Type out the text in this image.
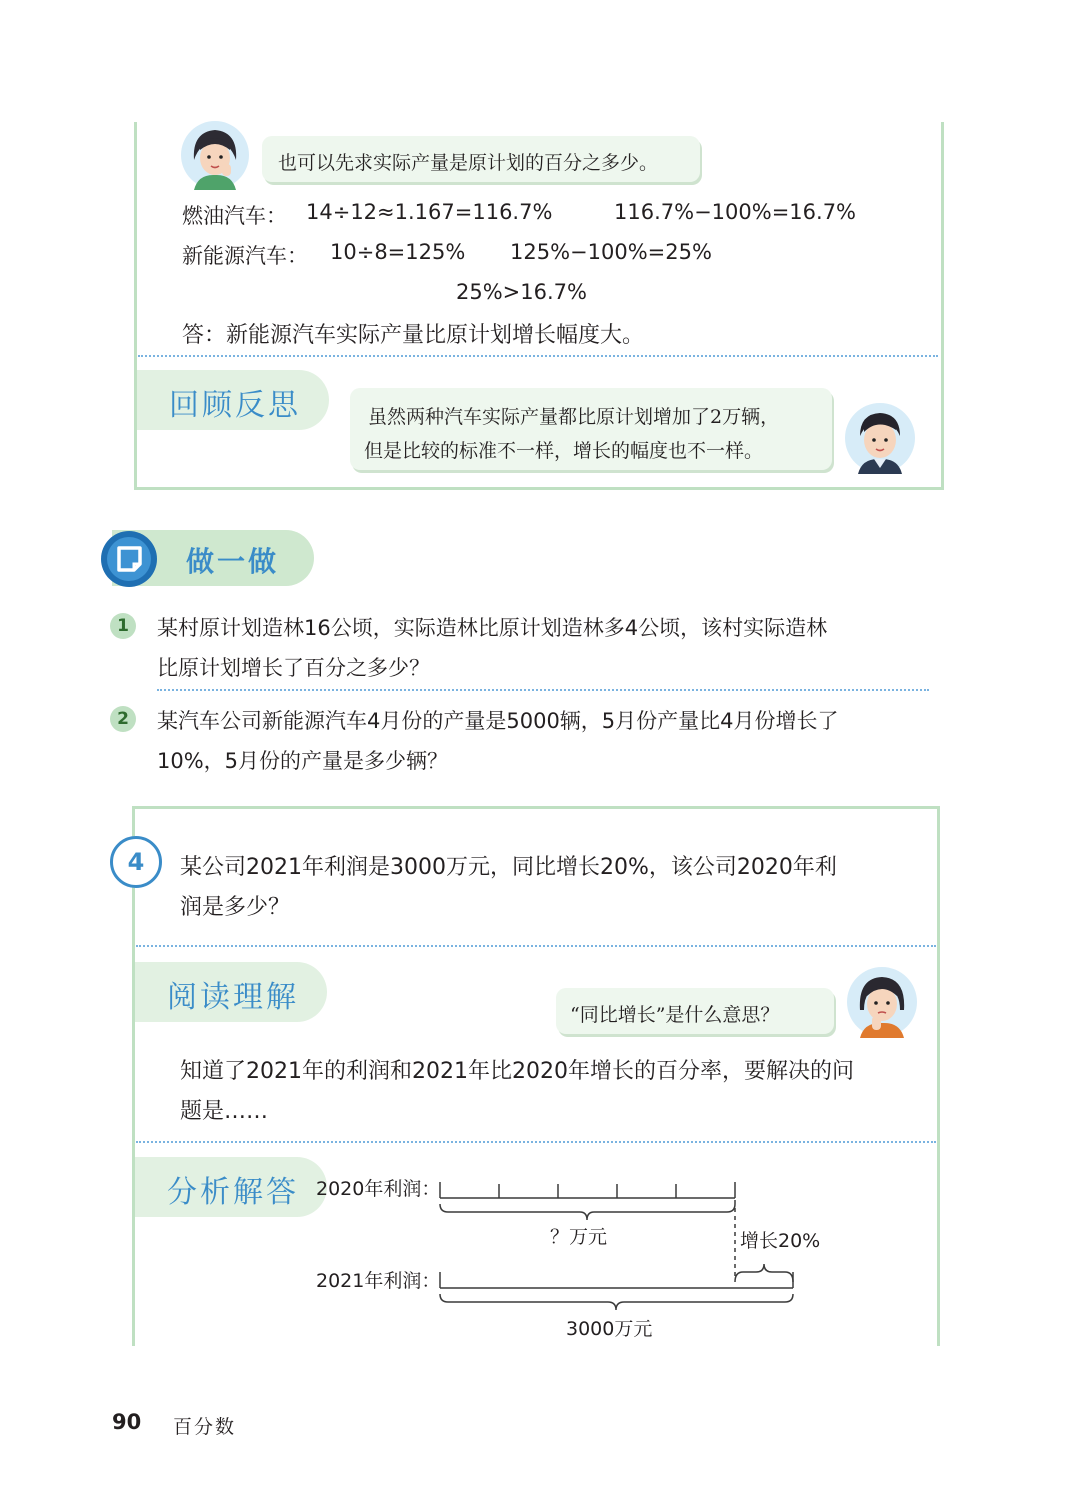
也可以先求实际产量是原计划的百分之多少。
燃油汽车： 14÷12≈1.167=116.7%	116.7%−100%=16.7%
新能源汽车： 10÷8=125% 125%−100%=25%
25%>16.7%
答：新能源汽车实际产量比原计划增长幅度大。
回顾反思	虽然两种汽车实际产量都比原计划增加了2万辆，
但是比较的标准不一样，增长的幅度也不一样。
做一做
1	某村原计划造林16公顷，实际造林比原计划造林多4公顷，该村实际造林
比原计划增长了百分之多少？
2	某汽车公司新能源汽车4月份的产量是5000辆，5月份产量比4月份增长了
10%，5月份的产量是多少辆？
4	某公司2021年利润是3000万元，同比增长20%，该公司2020年利
润是多少？
阅读理解	“同比增长”是什么意思？
知道了2021年的利润和2021年比2020年增长的百分率，要解决的问
题是……
分析解答 2020年利润：
？万元	增长20%
2021年利润：
3000万元
90 百分数
